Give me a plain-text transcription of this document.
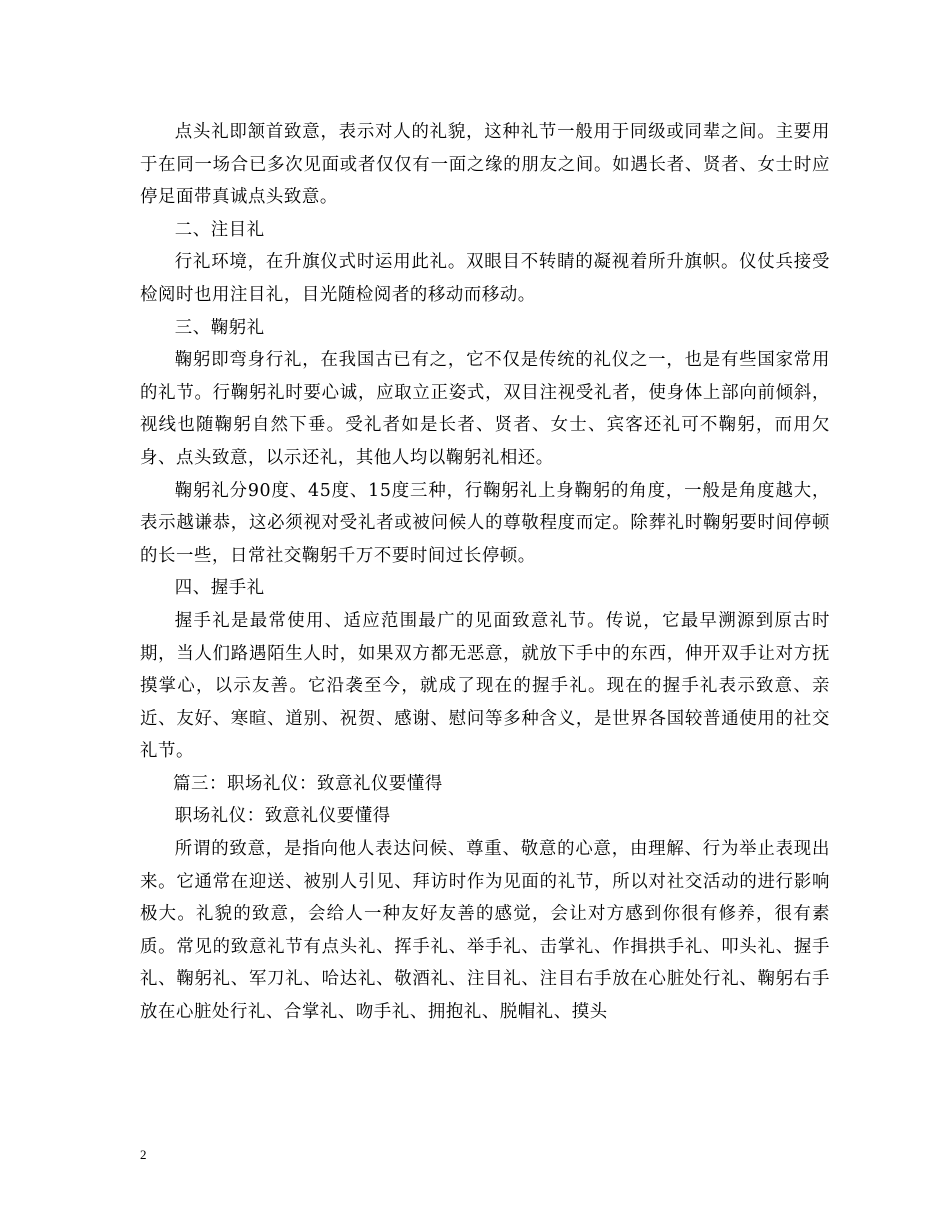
点头礼即颔首致意，表示对人的礼貌，这种礼节一般用于同级或同辈之间。主要用于在同一场合已多次见面或者仅仅有一面之缘的朋友之间。如遇长者、贤者、女士时应停足面带真诚点头致意。

二、注目礼

行礼环境，在升旗仪式时运用此礼。双眼目不转睛的凝视着所升旗帜。仪仗兵接受检阅时也用注目礼，目光随检阅者的移动而移动。

三、鞠躬礼

鞠躬即弯身行礼，在我国古已有之，它不仅是传统的礼仪之一，也是有些国家常用的礼节。行鞠躬礼时要心诚，应取立正姿式，双目注视受礼者，使身体上部向前倾斜，视线也随鞠躬自然下垂。受礼者如是长者、贤者、女士、宾客还礼可不鞠躬，而用欠身、点头致意，以示还礼，其他人均以鞠躬礼相还。

鞠躬礼分90度、45度、15度三种，行鞠躬礼上身鞠躬的角度，一般是角度越大，表示越谦恭，这必须视对受礼者或被问候人的尊敬程度而定。除葬礼时鞠躬要时间停顿的长一些，日常社交鞠躬千万不要时间过长停顿。

四、握手礼

握手礼是最常使用、适应范围最广的见面致意礼节。传说，它最早溯源到原古时期，当人们路遇陌生人时，如果双方都无恶意，就放下手中的东西，伸开双手让对方抚摸掌心，以示友善。它沿袭至今，就成了现在的握手礼。现在的握手礼表示致意、亲近、友好、寒暄、道别、祝贺、感谢、慰问等多种含义，是世界各国较普通使用的社交礼节。

篇三：职场礼仪：致意礼仪要懂得

职场礼仪：致意礼仪要懂得

所谓的致意，是指向他人表达问候、尊重、敬意的心意，由理解、行为举止表现出来。它通常在迎送、被别人引见、拜访时作为见面的礼节，所以对社交活动的进行影响极大。礼貌的致意，会给人一种友好友善的感觉，会让对方感到你很有修养，很有素质。常见的致意礼节有点头礼、挥手礼、举手礼、击掌礼、作揖拱手礼、叩头礼、握手礼、鞠躬礼、军刀礼、哈达礼、敬酒礼、注目礼、注目右手放在心脏处行礼、鞠躬右手放在心脏处行礼、合掌礼、吻手礼、拥抱礼、脱帽礼、摸头

2
